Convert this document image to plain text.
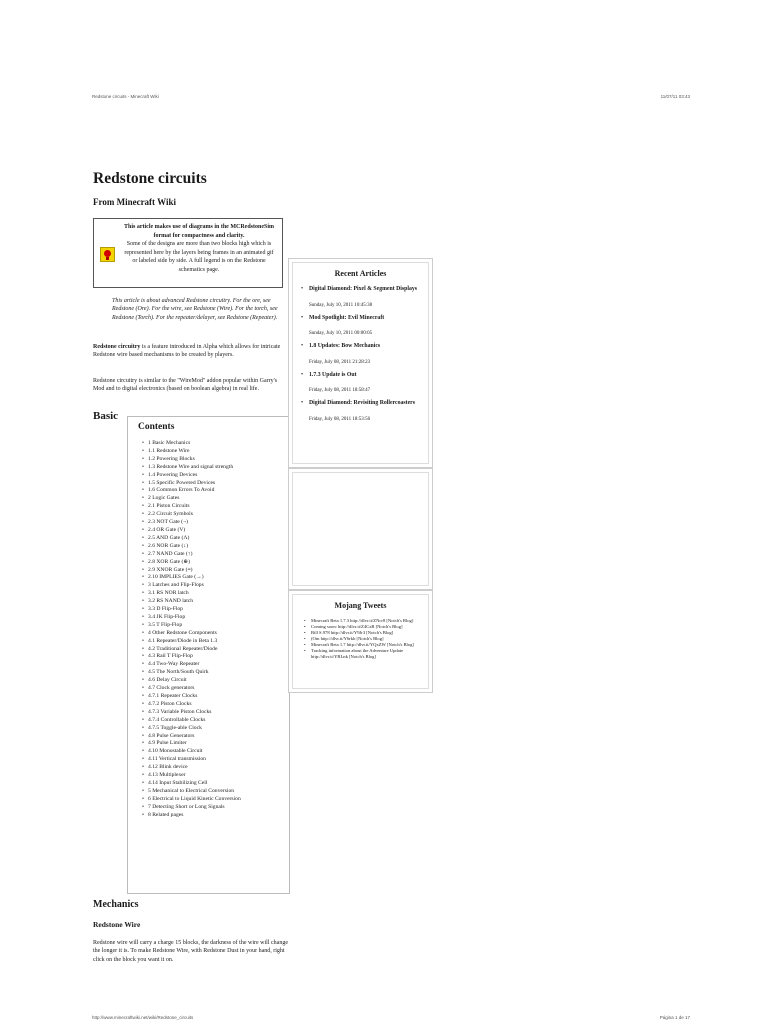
Redstone circuits - Minecraft Wiki	11/07/11 03:43
Redstone circuits
From Minecraft Wiki
This article makes use of diagrams in the MCRedstoneSim format for compactness and clarity.
Some of the designs are more than two blocks high which is represented here by the layers being frames in an animated gif or labeled side by side. A full legend is on the Redstone schematics page.
This article is about advanced Redstone circuitry. For the ore, see Redstone (Ore). For the wire, see Redstone (Wire). For the torch, see Redstone (Torch). For the repeater/delayer, see Redstone (Repeater).
Redstone circuitry is a feature introduced in Alpha which allows for intricate Redstone wire based mechanisms to be created by players.
Redstone circuitry is similar to the "WireMod" addon popular within Garry's Mod and to digital electronics (based on boolean algebra) in real life.
Basic
Contents
• 1 Basic Mechanics
• 1.1 Redstone Wire
• 1.2 Powering Blocks
• 1.3 Redstone Wire and signal strength
• 1.4 Powering Devices
• 1.5 Specific Powered Devices
• 1.6 Common Errors To Avoid
• 2 Logic Gates
• 2.1 Piston Circuits
• 2.2 Circuit Symbols
• 2.3 NOT Gate (¬)
• 2.4 OR Gate (V)
• 2.5 AND Gate (Λ)
• 2.6 NOR Gate (↓)
• 2.7 NAND Gate (↑)
• 2.8 XOR Gate (⊕)
• 2.9 XNOR Gate (≡)
• 2.10 IMPLIES Gate (→)
• 3 Latches and Flip-Flops
• 3.1 RS NOR latch
• 3.2 RS NAND latch
• 3.3 D Flip-Flop
• 3.4 JK Flip-Flop
• 3.5 T Flip-Flop
• 4 Other Redstone Components
• 4.1 Repeater/Diode in Beta 1.3
• 4.2 Traditional Repeater/Diode
• 4.3 Rail T Flip-Flop
• 4.4 Two-Way Repeater
• 4.5 The North/South Quirk
• 4.6 Delay Circuit
• 4.7 Clock generators
• 4.7.1 Repeater Clocks
• 4.7.2 Piston Clocks
• 4.7.3 Variable Piston Clocks
• 4.7.4 Controllable Clocks
• 4.7.5 Toggle-able Clock
• 4.8 Pulse Generators
• 4.9 Pulse Limiter
• 4.10 Monostable Circuit
• 4.11 Vertical transmission
• 4.12 Blink device
• 4.13 Multiplexer
• 4.14 Input Stabilizing Cell
• 5 Mechanical to Electrical Conversion
• 6 Electrical to Liquid Kinetic Conversion
• 7 Detecting Short or Long Signals
• 8 Related pages
Mechanics
Redstone Wire
Redstone wire will carry a charge 15 blocks, the darkness of the wire will change the longer it is. To make Redstone Wire, with Redstone Dust in your hand, right click on the block you want it on.
Recent Articles
• Digital Diamond: Pixel & Segment Displays
Sunday, July 10, 2011 10:45:38
• Mod Spotlight: Evil Minecraft
Sunday, July 10, 2011 00:00:05
• 1.8 Updates: Bow Mechanics
Friday, July 08, 2011 21:28:23
• 1.7.3 Update is Out
Friday, July 08, 2011 18:58:47
• Digital Diamond: Revisiting Rollercoasters
Friday, July 08, 2011 18:53:56
Mojang Tweets
• Minecraft Beta 1.7.3 http://dlvr.it/ZNcr8 [Notch's Blog]
• Coming soon: http://dlvr.it/Z4CzR [Notch's Blog]
• Bill S.978 http://dlvr.it/Y9Jr3 [Notch's Blog]
• (Om http://dlvr.it/Y6rkh [Notch's Blog]
• Minecraft Beta 1.7 http://dlvr.it/YQxZW [Notch's Blog]
• Tracking information about the Adventure Update http://dlvr.it/YRLnk [Notch's Blog]
http://www.minecraftwiki.net/wiki/Redstone_circuits	Página 1 de 17
